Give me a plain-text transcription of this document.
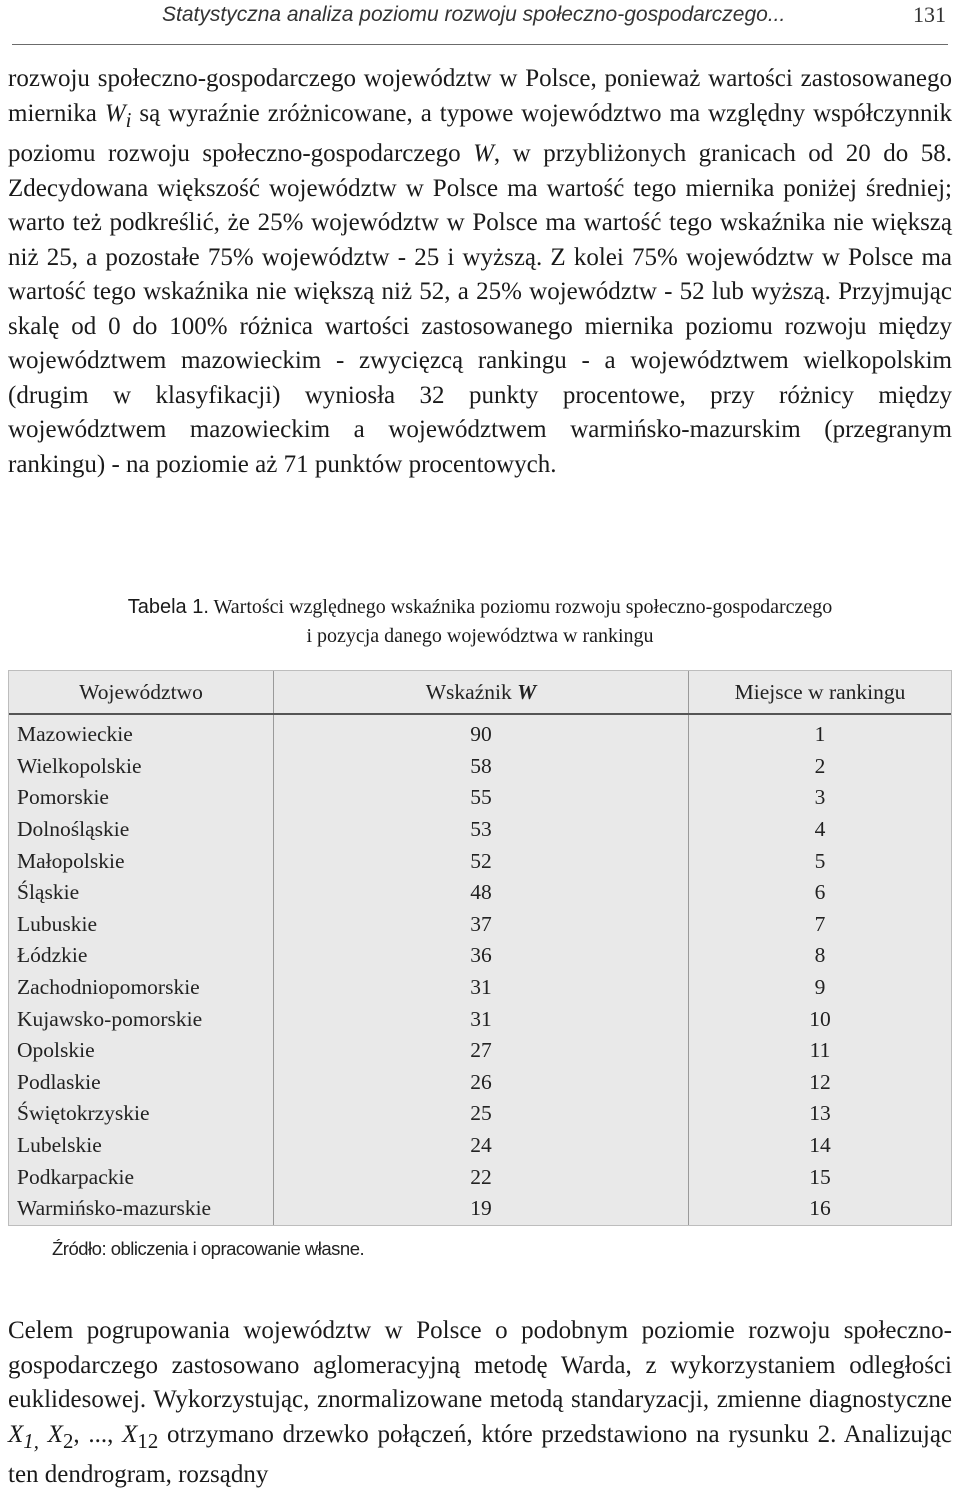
Statystyczna analiza poziomu rozwoju społeczno-gospodarczego...	131

rozwoju społeczno-gospodarczego województw w Polsce, ponieważ wartości zastosowanego miernika $W_i$ są wyraźnie zróżnicowane, a typowe województwo ma względny współczynnik poziomu rozwoju społeczno-gospodarczego W, w przybliżonych granicach od 20 do 58. Zdecydowana większość województw w Polsce ma wartość tego miernika poniżej średniej; warto też podkreślić, że 25% województw w Polsce ma wartość tego wskaźnika nie większą niż 25, a pozostałe 75% województw - 25 i wyższą. Z kolei 75% województw w Polsce ma wartość tego wskaźnika nie większą niż 52, a 25% województw - 52 lub wyższą. Przyjmując skalę od 0 do 100% różnica wartości zastosowanego miernika poziomu rozwoju między województwem mazowieckim - zwycięzcą rankingu - a województwem wielkopolskim (drugim w klasyfikacji) wyniosła 32 punkty procentowe, przy różnicy między województwem mazowieckim a województwem warmińsko-mazurskim (przegranym rankingu) - na poziomie aż 71 punktów procentowych.

Tabela 1. Wartości względnego wskaźnika poziomu rozwoju społeczno-gospodarczego
i pozycja danego województwa w rankingu
Województwo	Wskaźnik W	Miejsce w rankingu
Mazowieckie	90	1
Wielkopolskie	58	2
Pomorskie	55	3
Dolnośląskie	53	4
Małopolskie	52	5
Śląskie	48	6
Lubuskie	37	7
Łódzkie	36	8
Zachodniopomorskie	31	9
Kujawsko-pomorskie	31	10
Opolskie	27	11
Podlaskie	26	12
Świętokrzyskie	25	13
Lubelskie	24	14
Podkarpackie	22	15
Warmińsko-mazurskie	19	16
Źródło: obliczenia i opracowanie własne.

Celem pogrupowania województw w Polsce o podobnym poziomie rozwoju społeczno-gospodarczego zastosowano aglomeracyjną metodę Warda, z wykorzystaniem odległości euklidesowej. Wykorzystując, znormalizowane metodą standaryzacji, zmienne diagnostyczne $X_{1,}$ $X_2$, ..., $X_{12}$ otrzymano drzewko połączeń, które przedstawiono na rysunku 2. Analizując ten dendrogram, rozsądny
